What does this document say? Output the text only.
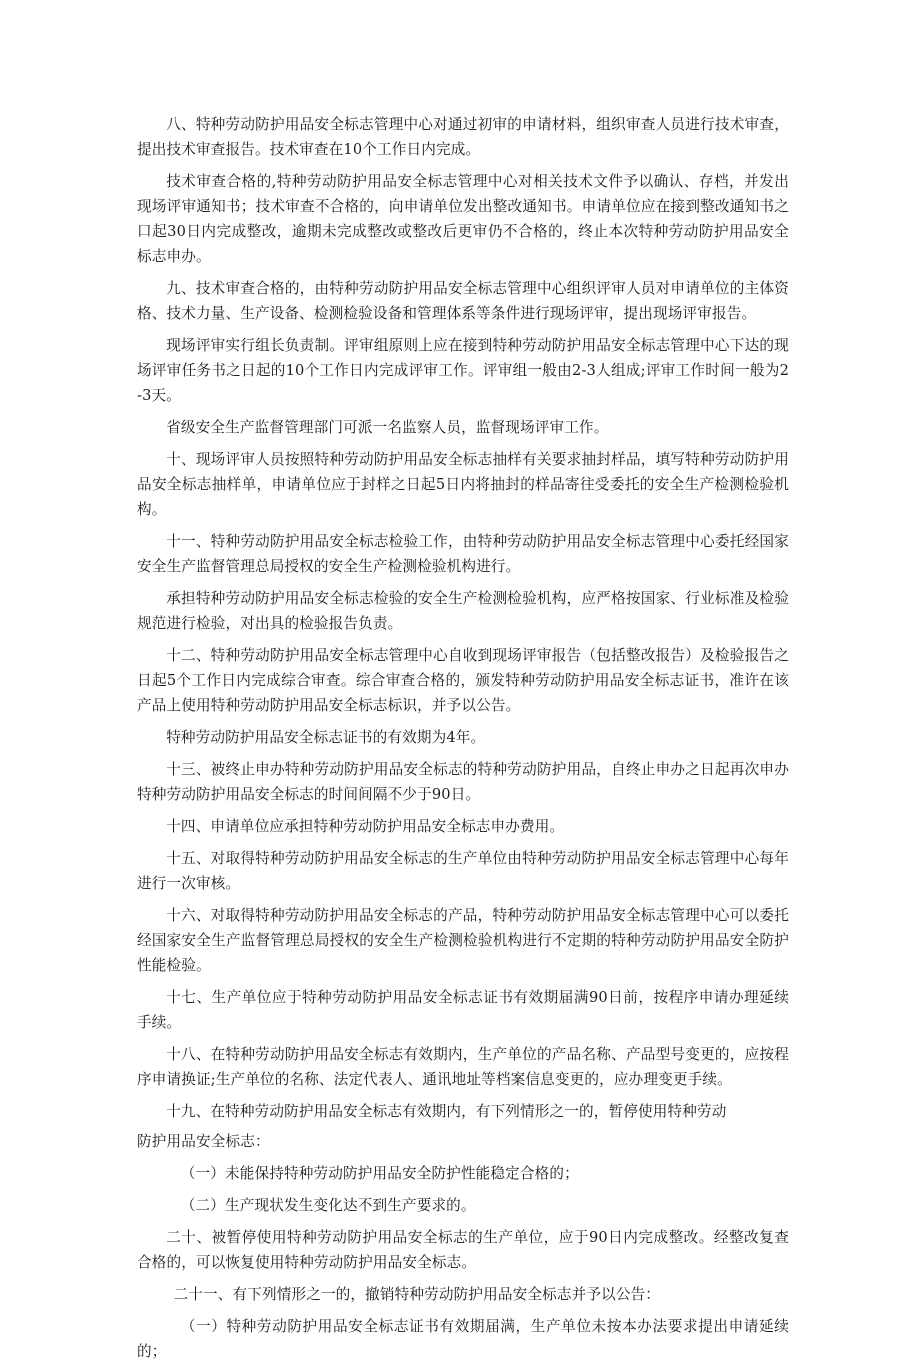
八、特种劳动防护用品安全标志管理中心对通过初审的申请材料，组织审查人员进行技术审查，提出技术审查报告。技术审查在10个工作日内完成。

技术审查合格的,特种劳动防护用品安全标志管理中心对相关技术文件予以确认、存档，并发出现场评审通知书；技术审查不合格的，向申请单位发出整改通知书。申请单位应在接到整改通知书之口起30日内完成整改，逾期未完成整改或整改后更审仍不合格的，终止本次特种劳动防护用品安全标志申办。

九、技术审查合格的，由特种劳动防护用品安全标志管理中心组织评审人员对申请单位的主体资格、技术力量、生产设备、检测检验设备和管理体系等条件进行现场评审，提出现场评审报告。

现场评审实行组长负责制。评审组原则上应在接到特种劳动防护用品安全标志管理中心下达的现场评审任务书之日起的10个工作日内完成评审工作。评审组一般由2-3人组成;评审工作时间一般为2-3天。

省级安全生产监督管理部门可派一名监察人员，监督现场评审工作。

十、现场评审人员按照特种劳动防护用品安全标志抽样有关要求抽封样品，填写特种劳动防护用品安全标志抽样单，申请单位应于封样之日起5日内将抽封的样品寄往受委托的安全生产检测检验机构。

十一、特种劳动防护用品安全标志检验工作，由特种劳动防护用品安全标志管理中心委托经国家安全生产监督管理总局授权的安全生产检测检验机构进行。

承担特种劳动防护用品安全标志检验的安全生产检测检验机构，应严格按国家、行业标准及检验规范进行检验，对出具的检验报告负责。

十二、特种劳动防护用品安全标志管理中心自收到现场评审报告（包括整改报告）及检验报告之日起5个工作日内完成综合审查。综合审查合格的，颁发特种劳动防护用品安全标志证书，准许在该产品上使用特种劳动防护用品安全标志标识，并予以公告。

特种劳动防护用品安全标志证书的有效期为4年。

十三、被终止申办特种劳动防护用品安全标志的特种劳动防护用品，自终止申办之日起再次申办特种劳动防护用品安全标志的时间间隔不少于90日。

十四、申请单位应承担特种劳动防护用品安全标志申办费用。

十五、对取得特种劳动防护用品安全标志的生产单位由特种劳动防护用品安全标志管理中心每年进行一次审核。

十六、对取得特种劳动防护用品安全标志的产品，特种劳动防护用品安全标志管理中心可以委托经国家安全生产监督管理总局授权的安全生产检测检验机构进行不定期的特种劳动防护用品安全防护性能检验。

十七、生产单位应于特种劳动防护用品安全标志证书有效期届满90日前，按程序申请办理延续手续。

十八、在特种劳动防护用品安全标志有效期内，生产单位的产品名称、产品型号变更的，应按程序申请换证;生产单位的名称、法定代表人、通讯地址等档案信息变更的，应办理变更手续。

十九、在特种劳动防护用品安全标志有效期内，有下列情形之一的，暂停使用特种劳动

防护用品安全标志：

（一）未能保持特种劳动防护用品安全防护性能稳定合格的；

（二）生产现状发生变化达不到生产要求的。

二十、被暂停使用特种劳动防护用品安全标志的生产单位，应于90日内完成整改。经整改复查合格的，可以恢复使用特种劳动防护用品安全标志。

二十一、有下列情形之一的，撤销特种劳动防护用品安全标志并予以公告：

（一）特种劳动防护用品安全标志证书有效期届满，生产单位未按本办法要求提出申请延续的；
